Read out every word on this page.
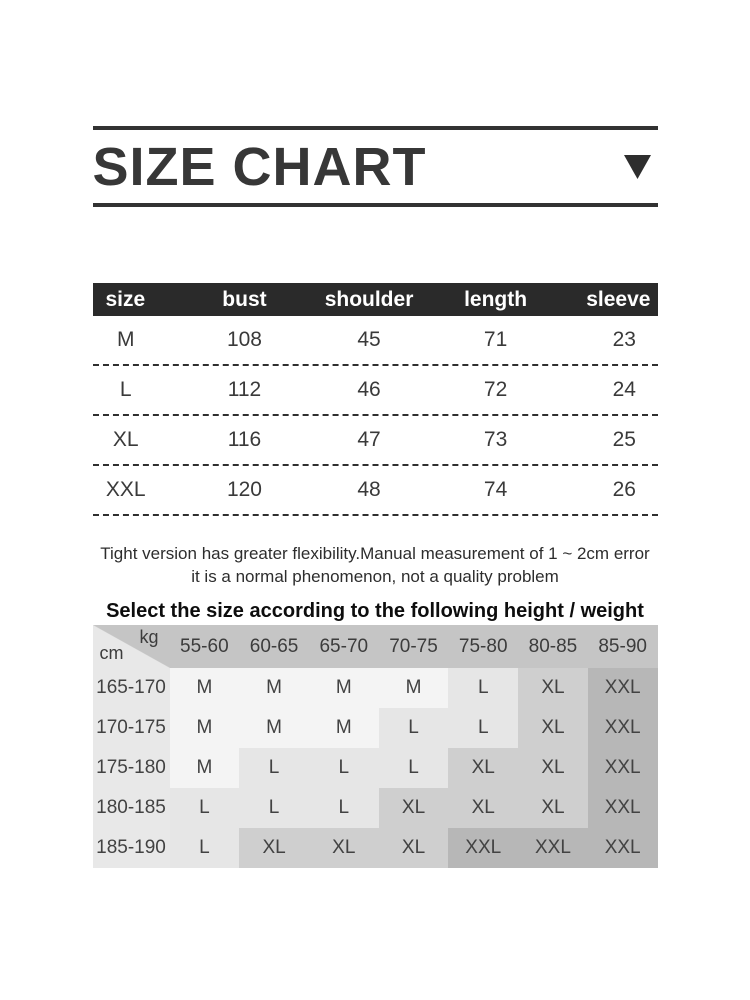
SIZE CHART
size	bust	shoulder	length	sleeve
M	108	45	71	23
L	112	46	72	24
XL	116	47	73	25
XXL	120	48	74	26

Tight version has greater flexibility.Manual measurement of 1 ~ 2cm error

it is a normal phenomenon, not a quality problem

Select the size according to the following height / weight
kg
cm	55-60	60-65	65-70	70-75	75-80	80-85	85-90
165-170	M	M	M	M	L	XL	XXL
170-175	M	M	M	L	L	XL	XXL
175-180	M	L	L	L	XL	XL	XXL
180-185	L	L	L	XL	XL	XL	XXL
185-190	L	XL	XL	XL	XXL	XXL	XXL
